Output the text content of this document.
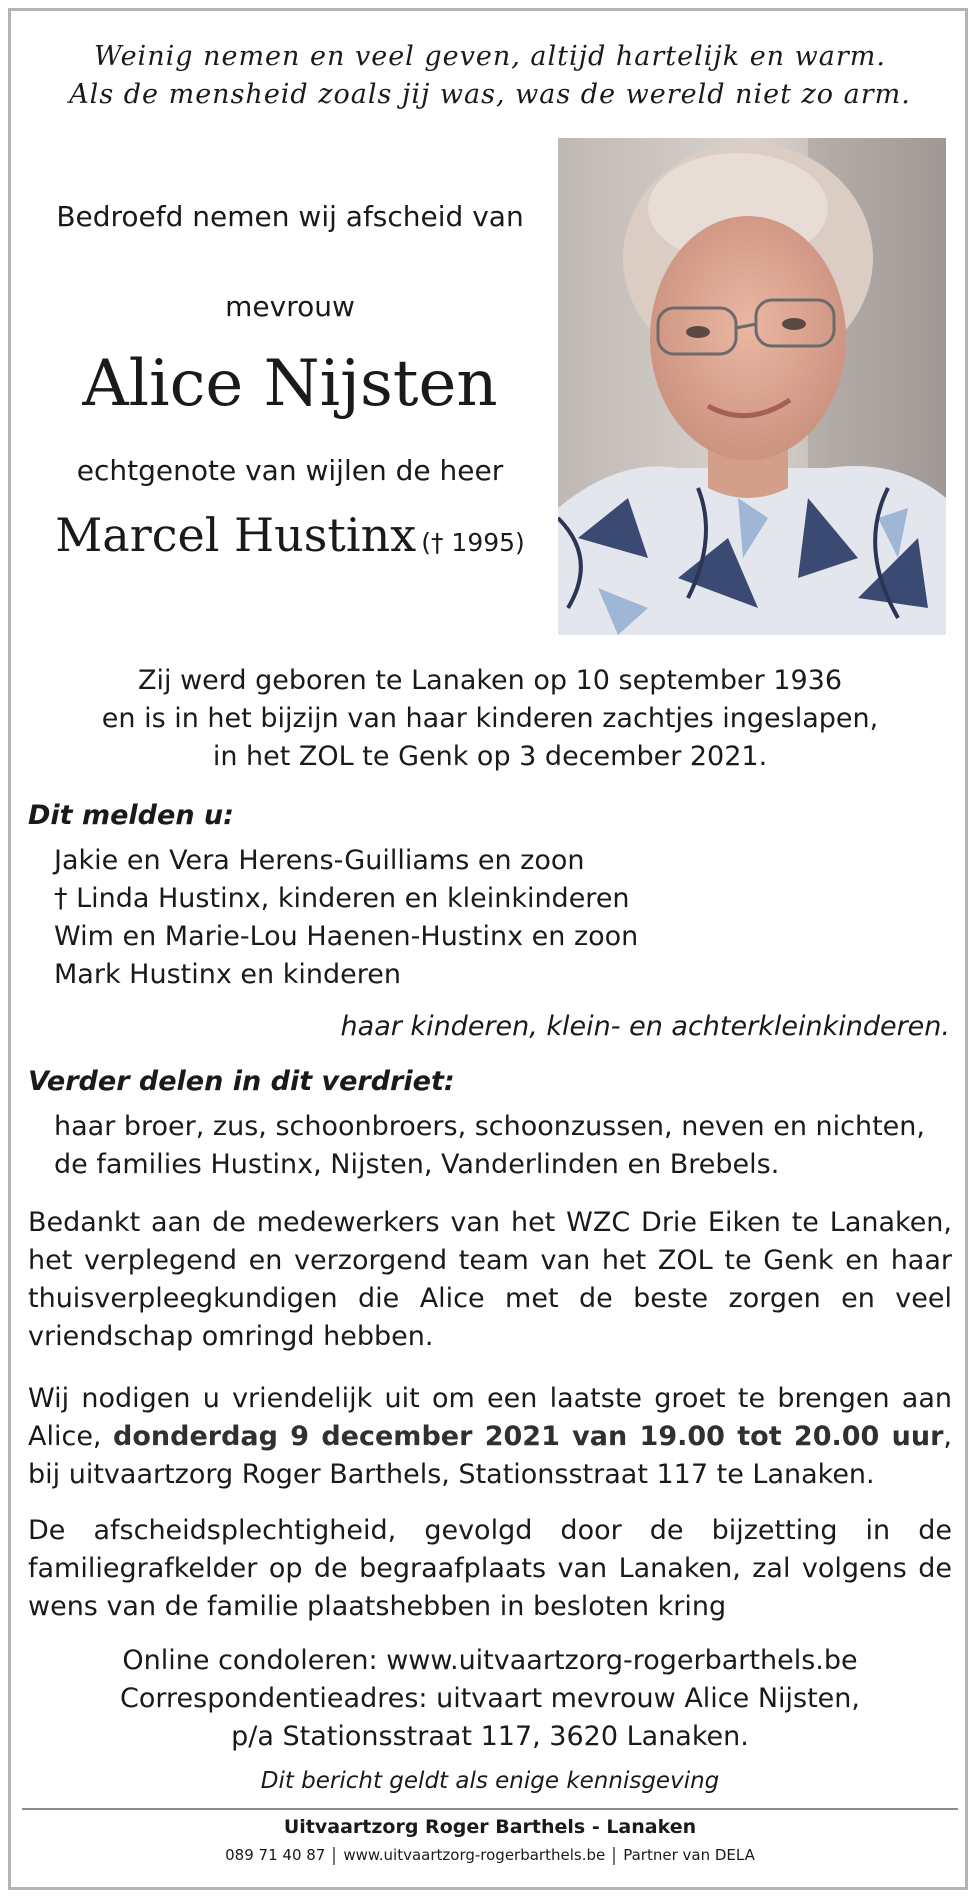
Weinig nemen en veel geven, altijd hartelijk en warm.
Als de mensheid zoals jij was, was de wereld niet zo arm.
Bedroefd nemen wij afscheid van
mevrouw
Alice Nijsten
echtgenote van wijlen de heer
Marcel Hustinx († 1995)
Zij werd geboren te Lanaken op 10 september 1936
en is in het bijzijn van haar kinderen zachtjes ingeslapen,
in het ZOL te Genk op 3 december 2021.
Dit melden u:
Jakie en Vera Herens-Guilliams en zoon
† Linda Hustinx, kinderen en kleinkinderen
Wim en Marie-Lou Haenen-Hustinx en zoon
Mark Hustinx en kinderen
haar kinderen, klein- en achterkleinkinderen.
Verder delen in dit verdriet:
haar broer, zus, schoonbroers, schoonzussen, neven en nichten,
de families Hustinx, Nijsten, Vanderlinden en Brebels.
Bedankt aan de medewerkers van het WZC Drie Eiken te Lanaken, het verplegend en verzorgend team van het ZOL te Genk en haar thuisverpleegkundigen die Alice met de beste zorgen en veel vriendschap omringd hebben.
Wij nodigen u vriendelijk uit om een laatste groet te brengen aan Alice, donderdag 9 december 2021 van 19.00 tot 20.00 uur, bij uitvaartzorg Roger Barthels, Stationsstraat 117 te Lanaken.
De afscheidsplechtigheid, gevolgd door de bijzetting in de familiegrafkelder op de begraafplaats van Lanaken, zal volgens de wens van de familie plaatshebben in besloten kring
Online condoleren: www.uitvaartzorg-rogerbarthels.be
Correspondentieadres: uitvaart mevrouw Alice Nijsten,
p/a Stationsstraat 117, 3620 Lanaken.
Dit bericht geldt als enige kennisgeving
Uitvaartzorg Roger Barthels - Lanaken
089 71 40 87 www.uitvaartzorg-rogerbarthels.be Partner van DELA
